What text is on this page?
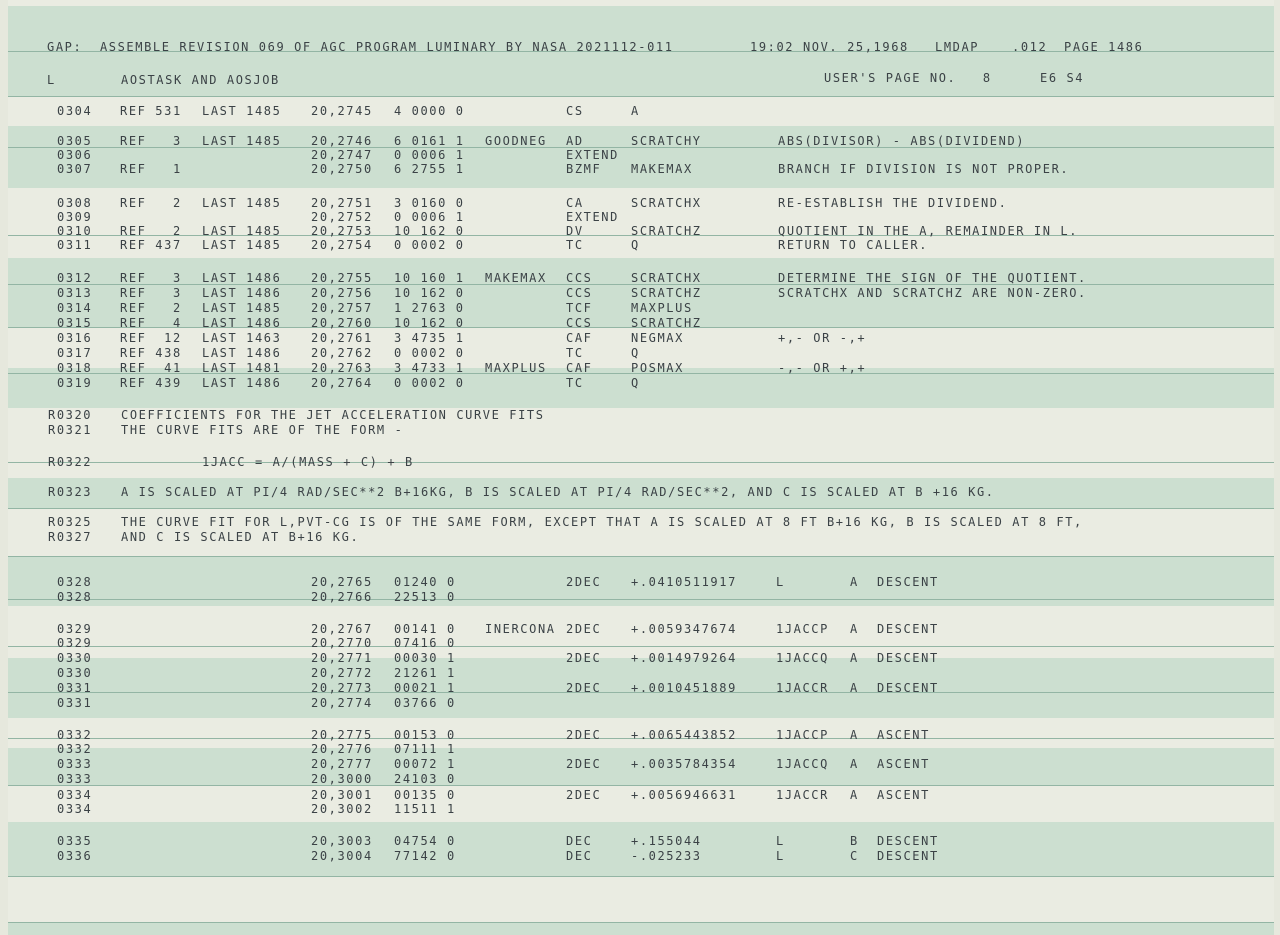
GAP:  ASSEMBLE REVISION 069 OF AGC PROGRAM LUMINARY BY NASA 2021112-011	19:02 NOV. 25,1968 LMDAP	.012 PAGE 1486
L	AOSTASK AND AOSJOB	USER'S PAGE NO.   8	E6 S4
0304 REF 531 LAST 1485 20,2745 4 0000 0	CS	A
0305 REF   3 LAST 1485 20,2746 6 0161 1 GOODNEG AD	SCRATCHY	ABS(DIVISOR) - ABS(DIVIDEND)
0306	20,2747 0 0006 1	EXTEND
0307 REF   1	20,2750 6 2755 1	BZMF MAKEMAX	BRANCH IF DIVISION IS NOT PROPER.
0308 REF   2 LAST 1485 20,2751 3 0160 0	CA	SCRATCHX	RE-ESTABLISH THE DIVIDEND.
0309	20,2752 0 0006 1	EXTEND
0310 REF   2 LAST 1485 20,2753 10 162 0	DV	SCRATCHZ	QUOTIENT IN THE A, REMAINDER IN L.
0311 REF 437 LAST 1485 20,2754 0 0002 0	TC	Q	RETURN TO CALLER.
0312 REF   3 LAST 1486 20,2755 10 160 1 MAKEMAX CCS	SCRATCHX	DETERMINE THE SIGN OF THE QUOTIENT.
0313 REF   3 LAST 1486 20,2756 10 162 0	CCS	SCRATCHZ	SCRATCHX AND SCRATCHZ ARE NON-ZERO.
0314 REF   2 LAST 1485 20,2757 1 2763 0	TCF	MAXPLUS
0315 REF   4 LAST 1486 20,2760 10 162 0	CCS	SCRATCHZ
0316 REF  12 LAST 1463 20,2761 3 4735 1	CAF	NEGMAX	+,- OR -,+
0317 REF 438 LAST 1486 20,2762 0 0002 0	TC	Q
0318 REF  41 LAST 1481 20,2763 3 4733 1 MAXPLUS CAF	POSMAX	-,- OR +,+
0319 REF 439 LAST 1486 20,2764 0 0002 0	TC	Q
R0320 COEFFICIENTS FOR THE JET ACCELERATION CURVE FITS
R0321 THE CURVE FITS ARE OF THE FORM -
R0322	1JACC = A/(MASS + C) + B
R0323 A IS SCALED AT PI/4 RAD/SEC**2 B+16KG, B IS SCALED AT PI/4 RAD/SEC**2, AND C IS SCALED AT B +16 KG.
R0325 THE CURVE FIT FOR L,PVT-CG IS OF THE SAME FORM, EXCEPT THAT A IS SCALED AT 8 FT B+16 KG, B IS SCALED AT 8 FT,
R0327 AND C IS SCALED AT B+16 KG.
0328	20,2765 01240 0	2DEC +.0410511917	L	A DESCENT
0328	20,2766 22513 0
0329	20,2767 00141 0 INERCONA 2DEC +.0059347674	1JACCP A DESCENT
0329	20,2770 07416 0
0330	20,2771 00030 1	2DEC +.0014979264	1JACCQ A DESCENT
0330	20,2772 21261 1
0331	20,2773 00021 1	2DEC +.0010451889	1JACCR A DESCENT
0331	20,2774 03766 0
0332	20,2775 00153 0	2DEC +.0065443852	1JACCP A ASCENT
0332	20,2776 07111 1
0333	20,2777 00072 1	2DEC +.0035784354	1JACCQ A ASCENT
0333	20,3000 24103 0
0334	20,3001 00135 0	2DEC +.0056946631	1JACCR A ASCENT
0334	20,3002 11511 1
0335	20,3003 04754 0	DEC	+.155044	L	B DESCENT
0336	20,3004 77142 0	DEC	-.025233	L	C DESCENT
